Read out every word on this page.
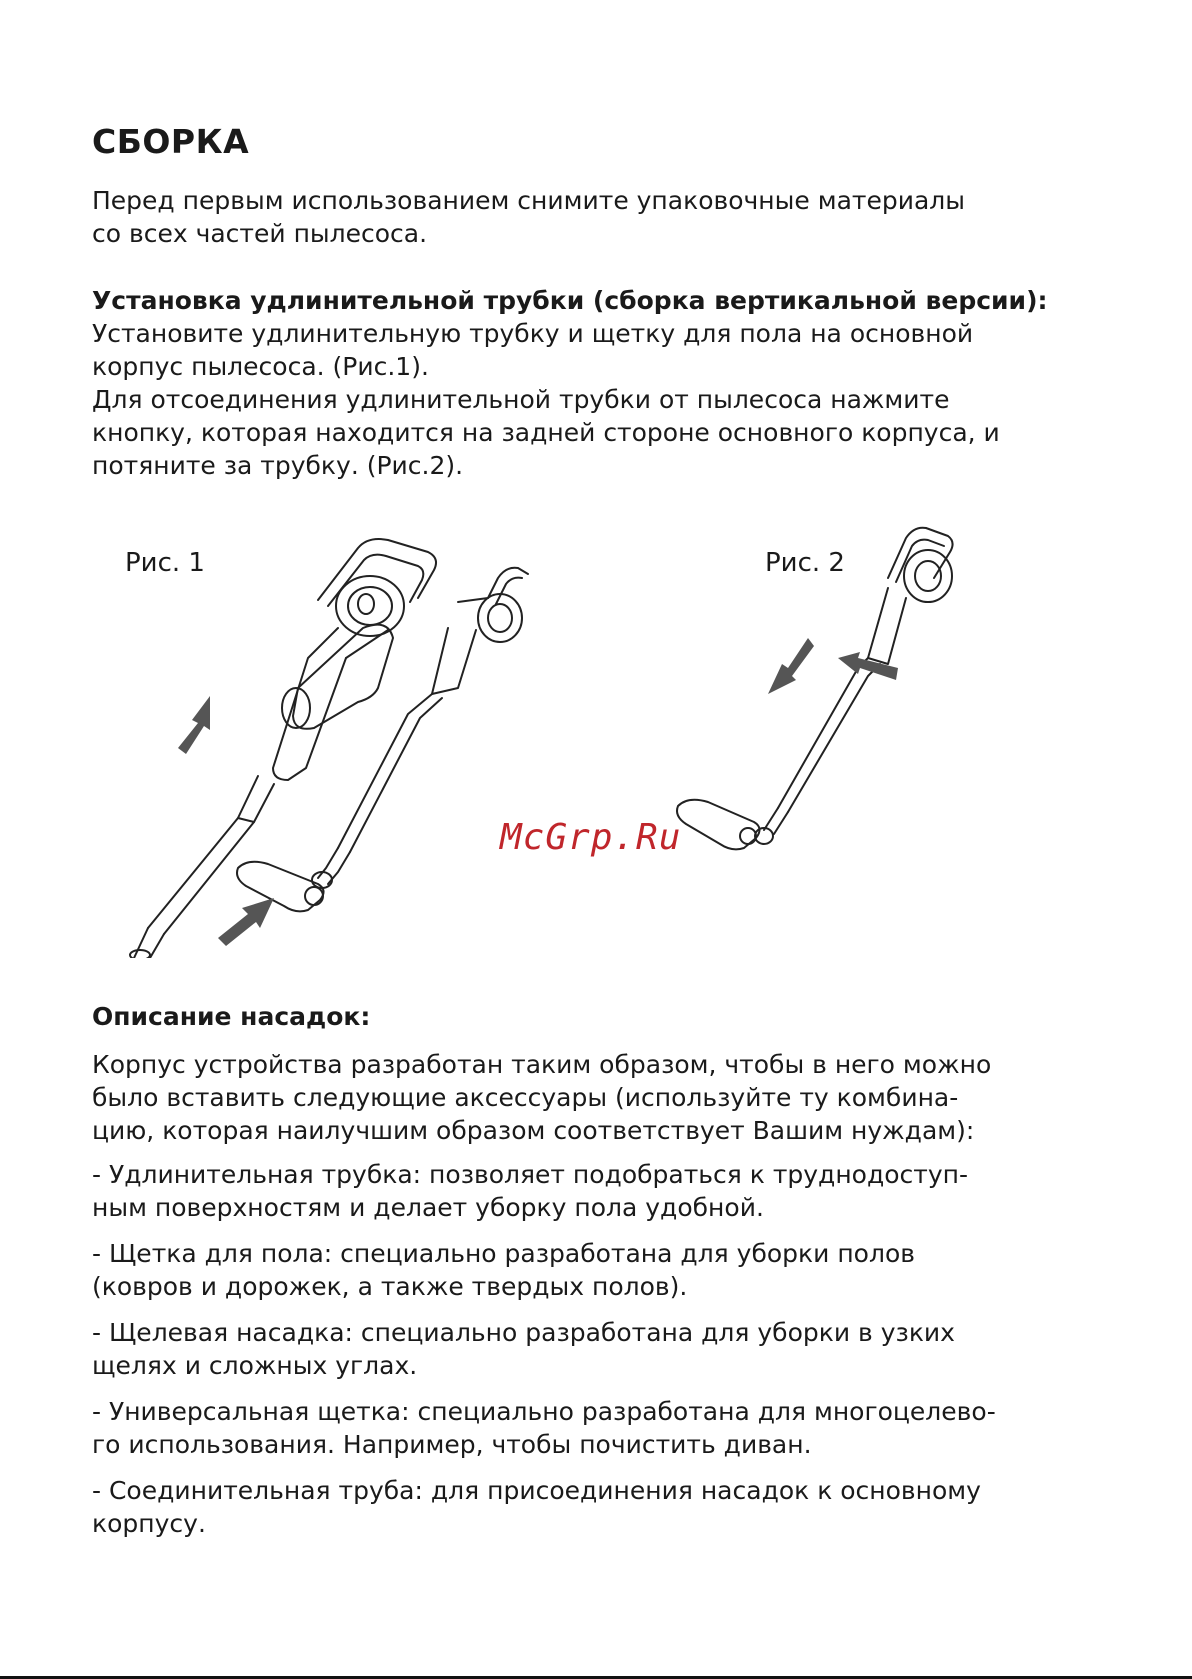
СБОРКА

Перед первым использованием снимите упаковочные материалы

со всех частей пылесоса.

Установка удлинительной трубки (сборка вертикальной версии):

Установите удлинительную трубку и щетку для пола на основной

корпус пылесоса. (Рис.1).

Для отсоединения удлинительной трубки от пылесоса нажмите

кнопку, которая находится на задней стороне основного корпуса, и

потяните за трубку. (Рис.2).

Рис. 1	Рис. 2
McGrp.Ru

Описание насадок:

Корпус устройства разработан таким образом, чтобы в него можно

было вставить следующие аксессуары (используйте ту комбина-

цию, которая наилучшим образом соответствует Вашим нуждам):

- Удлинительная трубка: позволяет подобраться к труднодоступ-
ным поверхностям и делает уборку пола удобной.
- Щетка для пола: специально разработана для уборки полов
(ковров и дорожек, а также твердых полов).
- Щелевая насадка: специально разработана для уборки в узких
щелях и сложных углах.
- Универсальная щетка: специально разработана для многоцелево-
го использования. Например, чтобы почистить диван.
- Соединительная труба: для присоединения насадок к основному
корпусу.
